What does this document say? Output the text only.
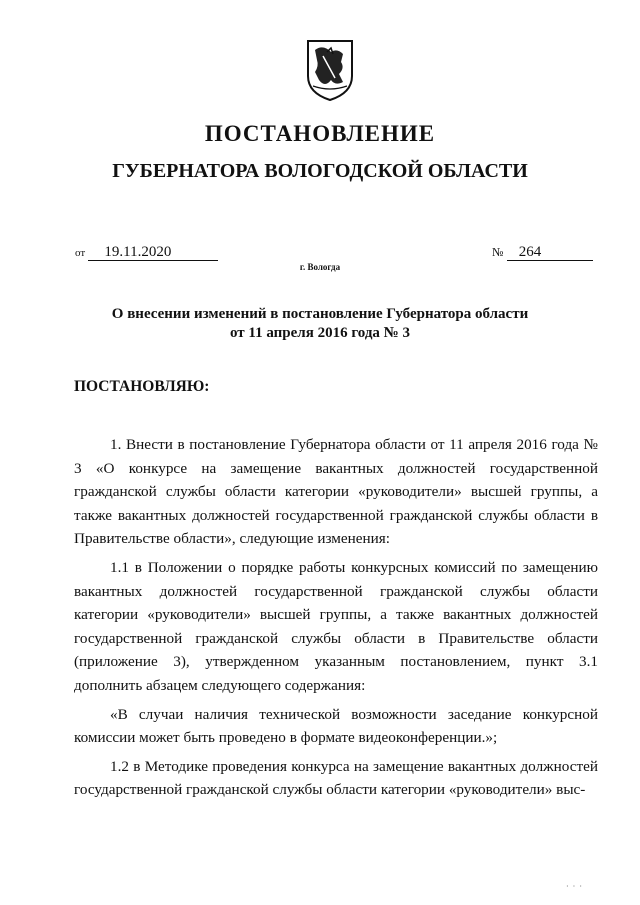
ПОСТАНОВЛЕНИЕ
ГУБЕРНАТОРА ВОЛОГОДСКОЙ ОБЛАСТИ
от 19.11.2020	№ 264
г. Вологда
О внесении изменений в постановление Губернатора области
от 11 апреля 2016 года № 3
ПОСТАНОВЛЯЮ:

1. Внести в постановление Губернатора области от 11 апреля 2016 года № 3 «О конкурсе на замещение вакантных должностей государственной гражданской службы области категории «руководители» высшей группы, а также вакантных должностей государственной гражданской службы области в Правительстве области», следующие изменения:

1.1 в Положении о порядке работы конкурсных комиссий по замещению вакантных должностей государственной гражданской службы области категории «руководители» высшей группы, а также вакантных должностей государственной гражданской службы области в Правительстве области (приложение 3), утвержденном указанным постановлением, пункт 3.1 дополнить абзацем следующего содержания:

«В случаи наличия технической возможности заседание конкурсной комиссии может быть проведено в формате видеоконференции.»;

1.2 в Методике проведения конкурса на замещение вакантных должностей государственной гражданской службы области категории «руководители» выс-

· · ·
